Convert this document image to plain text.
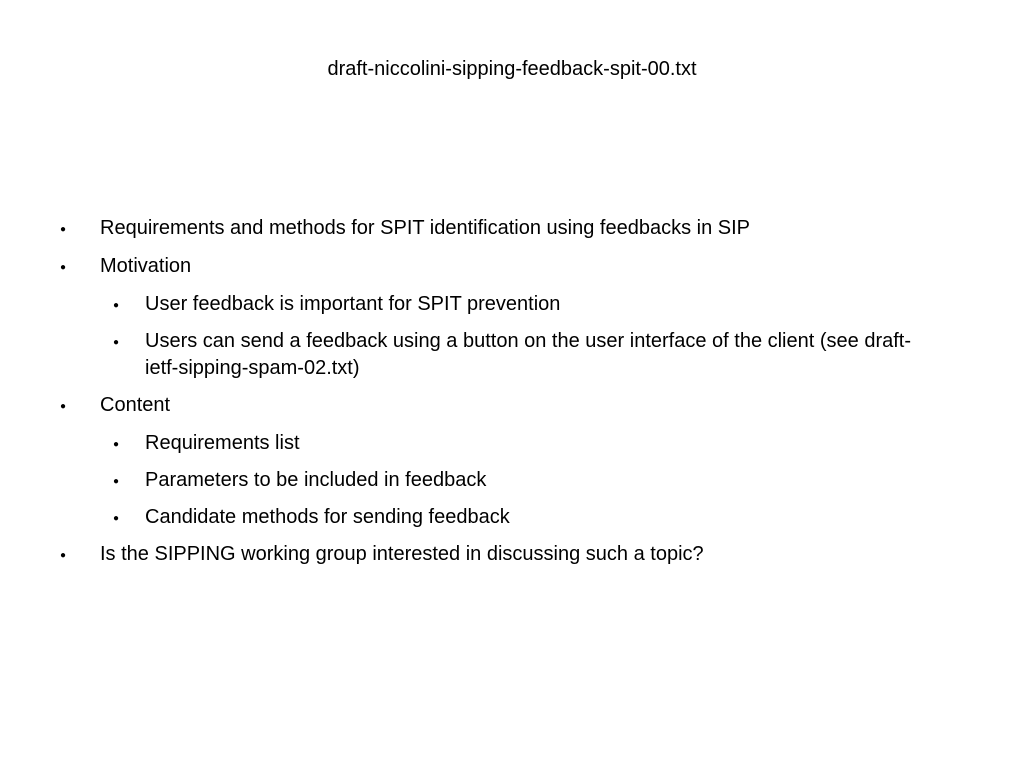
draft-niccolini-sipping-feedback-spit-00.txt
● Requirements and methods for SPIT identification using feedbacks in SIP
● Motivation
● User feedback is important for SPIT prevention
● Users can send a feedback using a button on the user interface of the client (see draft-ietf-sipping-spam-02.txt)
● Content
● Requirements list
● Parameters to be included in feedback
● Candidate methods for sending feedback
● Is the SIPPING working group interested in discussing such a topic?
